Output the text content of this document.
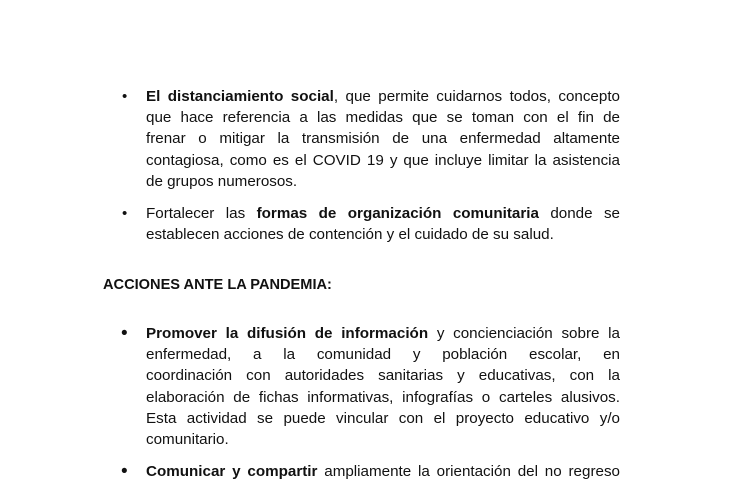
• El distanciamiento social, que permite cuidarnos todos, concepto
que hace referencia a las medidas que se toman con el fin de
frenar o mitigar la transmisión de una enfermedad altamente
contagiosa, como es el COVID 19 y que incluye limitar la asistencia
de grupos numerosos.
• Fortalecer las formas de organización comunitaria donde se
establecen acciones de contención y el cuidado de su salud.
ACCIONES ANTE LA PANDEMIA:
• Promover la difusión de información y concienciación sobre la
enfermedad, a la comunidad y población escolar, en
coordinación con autoridades sanitarias y educativas, con la
elaboración de fichas informativas, infografías o carteles alusivos.
Esta actividad se puede vincular con el proyecto educativo y/o
comunitario.
• Comunicar y compartir ampliamente la orientación del no regreso
